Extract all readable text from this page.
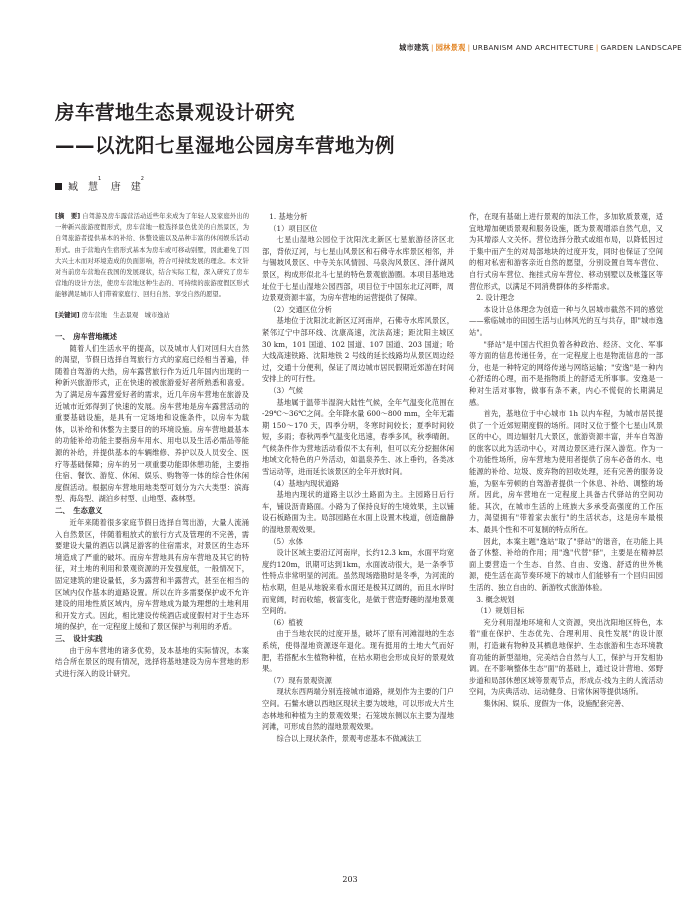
城市建筑 | 园林景观 | URBANISM AND ARCHITECTURE | GARDEN LANDSCAPE
房车营地生态景观设计研究
——以沈阳七星湿地公园房车营地为例
臧　慧$^1$   唐　建$^2$

[摘　要] 自驾游及房车露营活动近些年来成为了年轻人及家庭外出的一种新兴旅游度假形式，房车营地一般选择景色优美的自然景区，为自驾旅游者提供基本的补给、休整设施以及品种丰富的休闲娱乐活动形式。由于营地内生宿形式基本为房车或可移动别墅，因此避免了因大兴土木而对环境造成的负面影响，符合可持续发展的理念。本文针对当前房车营地在我国的发展现状，结合实际工程，深入研究了房车营地的设计方法，使房车营地这种生态的、可持续的旅游度假区形式能够满足城市人们带着家庭行、回归自然、享受自然的愿望。

[关键词] 房车营地　生态景观　城市逸站

一、　房车营地概述

随着人们生活水平的提高，以及城市人们对回归大自然的渴望，节假日选择自驾旅行方式的家庭已经相当普遍，伴随着自驾游的大热，房车露营旅行作为近几年国内出现的一种新兴旅游形式，正在快速的被旅游爱好者所熟悉和喜爱。为了满足房车露营爱好者的需求，近几年房车营地在旅游及近城市近郊得到了快速的发展。房车营地是房车露营活动的重要基础设施，是具有一定场地和设施条件，以房车为载体，以补给和休整为主要目的的环境设施。房车营地最基本的功能补给功能主要指房车用水、用电以及生活必需品等能源的补给，并提供基本的车辆维修、养护以及人员安全、医疗等基础保障；房车的另一项重要功能即休憩功能，主要指住宿、餐饮、游览、休闲、娱乐、购物等一体的综合性休闲度假活动。根据房车营地用地类型可划分为六大类型：滨海型、海岛型、湖泊乡村型、山地型、森林型。

二、　生态意义

近年来随着很多家庭节假日选择自驾出游，大量人流涌入自然景区，伴随着粗放式的旅行方式及管理的不完善，需要建设大量的酒店以满足游客的住宿需求，对景区的生态环境造成了严重的破坏。而房车营地具有房车营地及其它的特征，对土地的利用和景观资源的开发强度低，一般情况下，固定建筑的建设量低，多为露营和半露营式，甚至在相当的区域内仅作基本的道路设置。所以在许多需要保护或不允许建设的用地性质区域内，房车营地成为最为理想的土地利用和开发方式。因此，相比建设传统酒店或度假村对于生态环境的保护，在一定程度上缓和了景区保护与利用的矛盾。

三、　设计实践

由于房车营地的诸多优势，及本基地的实际情况，本案结合所在景区的现有情况，选择将基地建设为房车营地的形式进行深入的设计研究。

1. 基地分析

（1）项目区位

七星山湿地公园位于沈阳沈北新区七星旅游径济区北部，背依辽河，与七星山风景区和石佛寺水库景区相邻，并与锡坡风景区、中寺关东风情园、马泉沟风景区、泽什湖风景区，构成形似北斗七星的特色景观旅游圈。本项目基地选址位于七星山湿地公园西部，项目位于中国东北辽河畔，周边景观资源丰富，为房车营地的运营提供了保障。

（2）交通区位分析

基地位于沈阳沈北新区辽河南岸，石佛寺水库风景区，紧邻辽宁中部环线、沈康高速，沈法高速；距沈阳主城区 30 km，101 国道、102 国道、107 国道、203 国道；哈大线高速铁路、沈阳地铁 2 号线的延长线路均从景区周边经过，交通十分便利，保证了周边城市居民假期近郊游在时间安排上的可行性。

（3）气候

基地属于温带半湿润大陆性气候，全年气温变化范围在 -29℃～36℃之间。全年降水量 600～800 mm，全年无霜期 150～170 天，四季分明，冬寒时间较长；夏季时间较短，多雨；春秋两季气温变化迅速，春季多风，秋季晴朗。气候条件作为营地活动看似不太有利，但可以充分挖掘休闲地域文化特色的户外活动，如温泉养生、冰上垂钓，各类冰雪运动等，进而延长该景区的全年开放时间。

（4）基地内现状道路

基地内现状的道路主以沙土路面为主。主园路日后行车，铺设沥青路面。小路为了保持良好的生境效果，主以铺设石板路面为主。局部园路在水面上设置木栈道，创造幽静的湿地景观效果。

（5）水体

设计区域主要沿辽河南岸，长约12.3 km，水面平均宽度约120m，讯期可达到1km，水面波动很大，是一条季节性特点非常明显的河流。虽然现场踏勘时是冬季，为河流的枯水期，但是从地貌来看水面还是极其辽阔的，而且水岸时而宽阔，时而收缩，极富变化，是做于营造野趣的湿地景观空间的。

（6）植被

由于当地农民的过度开垦，破坏了原有河滩湿地的生态系统，使得湿地资源逐年退化。现有挺用的土地大气而好肥，若搭配水生植物种植，在枯水期也会形成良好的景观效果。

（7）现有景观资源

现状东西两端分别连接城市道路，规划作为主要的门户空间。石鳖水塘以西地区现状主要为坡地，可以形成大片生态林地和种植为主的景观效果；石笼坡东侧以东主要为湿地河滩，可形成自然的湿地景观效果。

综合以上现状条件，景观考虑基本不做减法工

作，在现有基础上进行景观的加法工作，多加软质景观，适宜地增加硬质景观和服务设施，既为景观增添自然气息，又为其增添人文关怀。营位选择分散式或组布局，以降低因过于集中而产生的对局部地块的过度开发，同时也保证了空间的相对私密和游客亲近自然的愿望，分别设置自驾车营位、自行式房车营位、拖挂式房车营位、移动别墅以及帐篷区等营位形式，以满足不同消费群体的多样需求。

2. 设计理念

本设计总体理念为创造一种与久居城市截然不同的感觉——紫临城市的田园生活与山林风光的互与共存，即"城市逸站"。

"驿站"是中国古代担负着各种政治、经济、文化、军事等方面的信息传递任务，在一定程度上也是物流信息的一部分，也是一种特定的网络传递与网络运输；"安逸"是一种内心舒适的心理，而不是指物质上的舒适无所事事。安逸是一种对生活对事物，做事有条不紊，内心不慌促的长期满足感。

首先，基地位于中心城市 1h 以内车程，为城市居民提供了一个近郊短期度假的场所。同时又位于整个七星山风景区的中心，周边辐射几大景区，旅游资源丰富，并车自驾游的旅客以此为活动中心，对周边景区进行深入游览。作为一个功能性场所，房车营地为使用者提供了房车必备的水、电能源的补给、垃圾、废弃物的回收处理，还有完善的服务设施，为驱车劳顿的自驾游者提供一个休息、补给、调整的场所。因此，房车营地在一定程度上具备古代驿站的空间功能。其次，在城市生活的上班族大多承受高强度的工作压力，渴望拥有"带着家去旅行"的生活状态，这是房车最根本、最具个性和不可复制的特点所在。

因此，本案主题"逸站"取了"驿站"的谐音，在功能上具备了休整、补给的作用；用"逸"代替"驿"，主要是在精神层面上要营造一个生态、自然、自由、安逸、舒适的世外桃源，使生活在高节奏环境下的城市人们能够有一个回归田园生活的、独立自由的、新游牧式旅游体验。

3. 概念规划

（1）规划目标

充分利用湿地环境和人文资源，突出沈阳地区特色，本着"重在保护、生态优先、合理利用、良性发展"的设计原则，打造兼有物种及其栖息地保护、生态旅游和生态环境教育功能的新型湿地，完美结合自然与人工，保护与开发相协调。在不影响整体生态"面"的基础上，通过设计营地、郊野步道和局部休憩区域等景观节点，形成点-线为主的人流活动空间，为庆典活动、运动健身、日常休闲等提供场所。

集休闲、娱乐、度假为一体，设施配套完善、

203
